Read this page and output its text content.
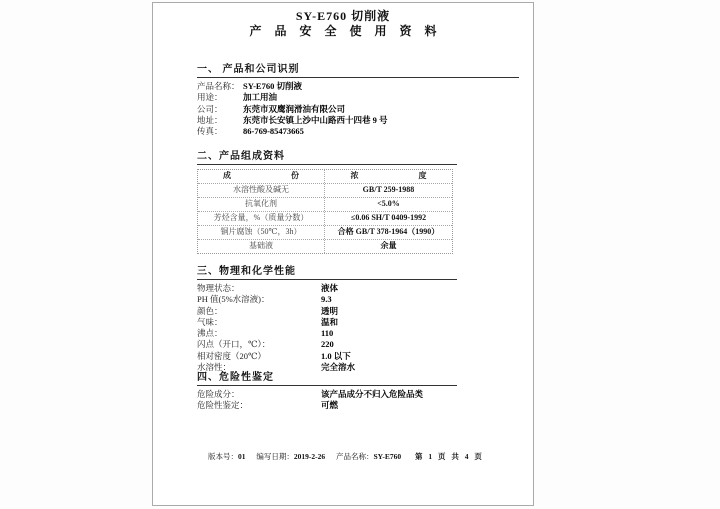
SY-E760 切削液
产品安全使用资料
一、 产品和公司识别
产品名称： SY-E760 切削液
用途： 加工用油
公司： 东莞市双鹰润滑油有限公司
地址： 东莞市长安镇上沙中山路西十四巷 9 号
传真： 86-769-85473665
二、产品组成资料
成 份	浓 度
水溶性酸及碱无	GB/T 259-1988
抗氧化剂	<5.0%
芳烃含量，%（质量分数）	≤0.06 SH/T 0409-1992
铜片腐蚀（50℃，3h）	合格 GB/T 378-1964（1990）
基础液	余量
三、物理和化学性能
物理状态：	液体
PH 值(5%水溶液)：	9.3
颜色：	透明
气味：	温和
沸点：	110
闪点（开口，℃）：	220
相对密度（20℃）	1.0 以下
水溶性：	完全溶水
四、危险性鉴定
危险成分：	该产品成分不归入危险品类
危险性鉴定：	可燃
版本号：01 编写日期：2019-2-26 产品名称：SY-E760 第 1 页 共 4 页
